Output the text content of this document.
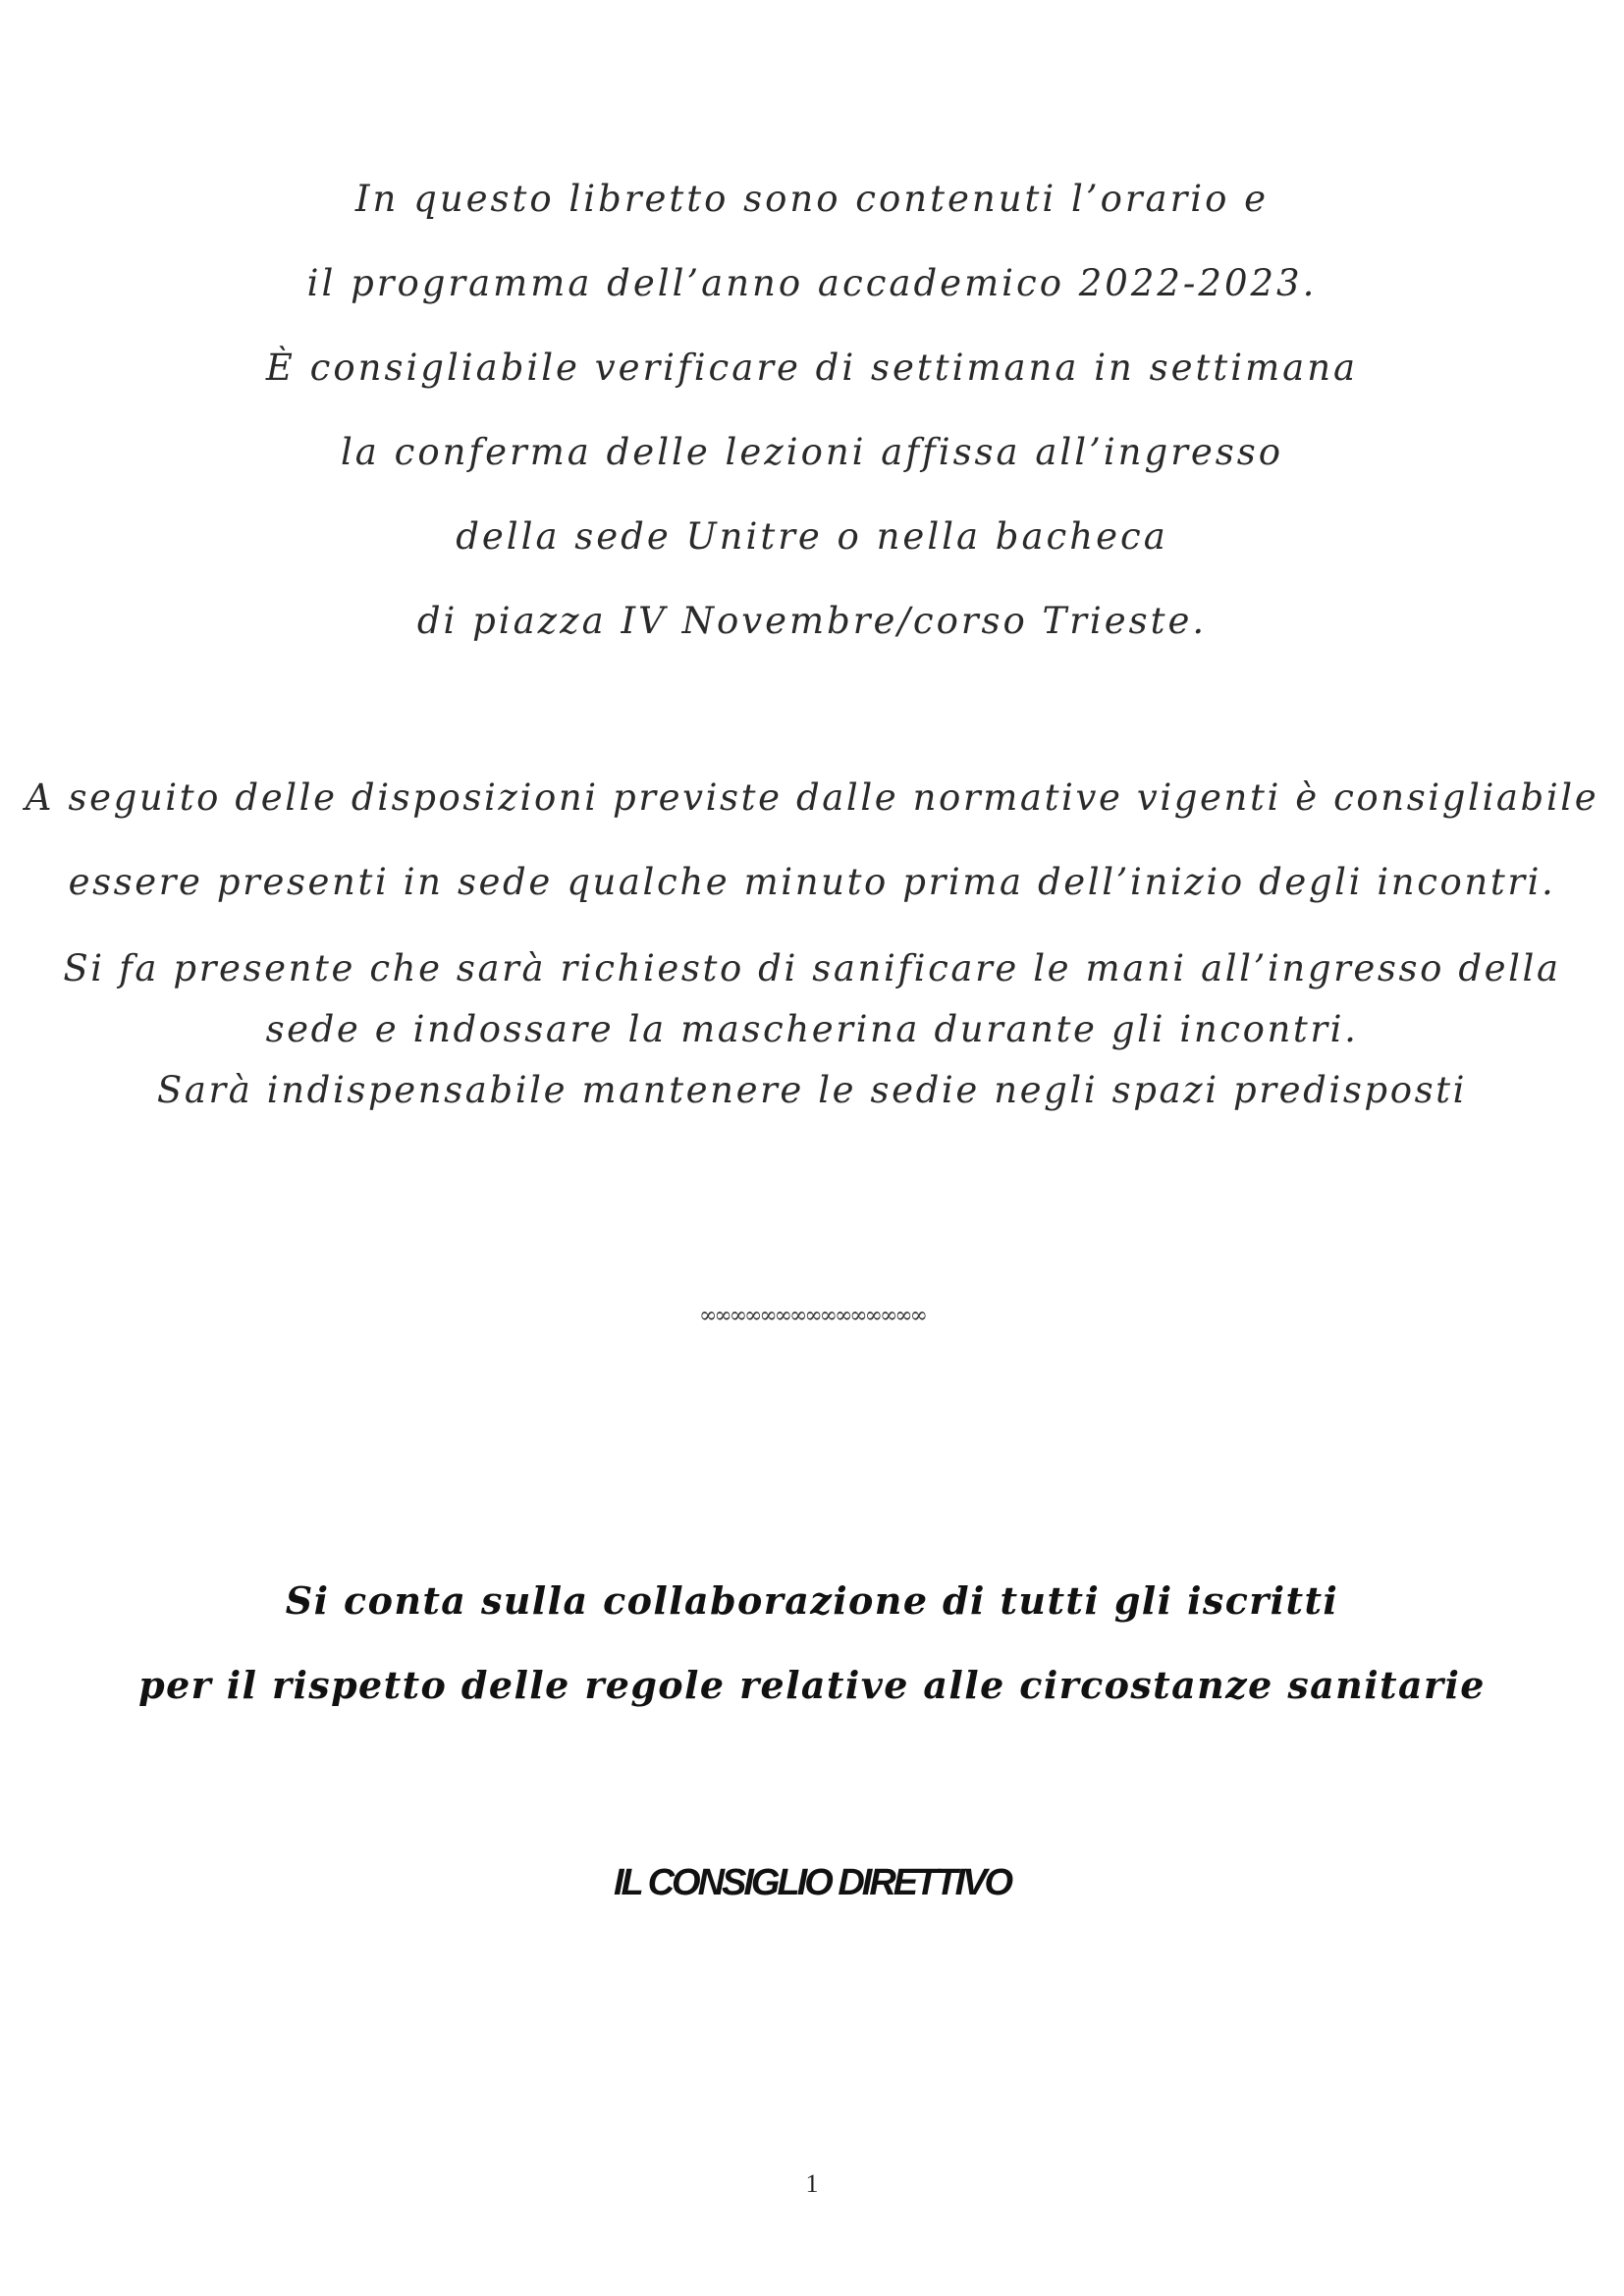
In questo libretto sono contenuti l’orario e
il programma dell’anno accademico 2022-2023.
È consigliabile verificare di settimana in settimana
la conferma delle lezioni affissa all’ingresso
della sede Unitre o nella bacheca
di piazza IV Novembre/corso Trieste.
A seguito delle disposizioni previste dalle normative vigenti è consigliabile
essere presenti in sede qualche minuto prima dell’inizio degli incontri.
Si fa presente che sarà richiesto di sanificare le mani all’ingresso della
sede e indossare la mascherina durante gli incontri.
Sarà indispensabile mantenere le sedie negli spazi predisposti
∞∞∞∞∞∞∞∞∞∞∞∞∞∞∞
Si conta sulla collaborazione di tutti gli iscritti
per il rispetto delle regole relative alle circostanze sanitarie
IL CONSIGLIO DIRETTIVO
1
